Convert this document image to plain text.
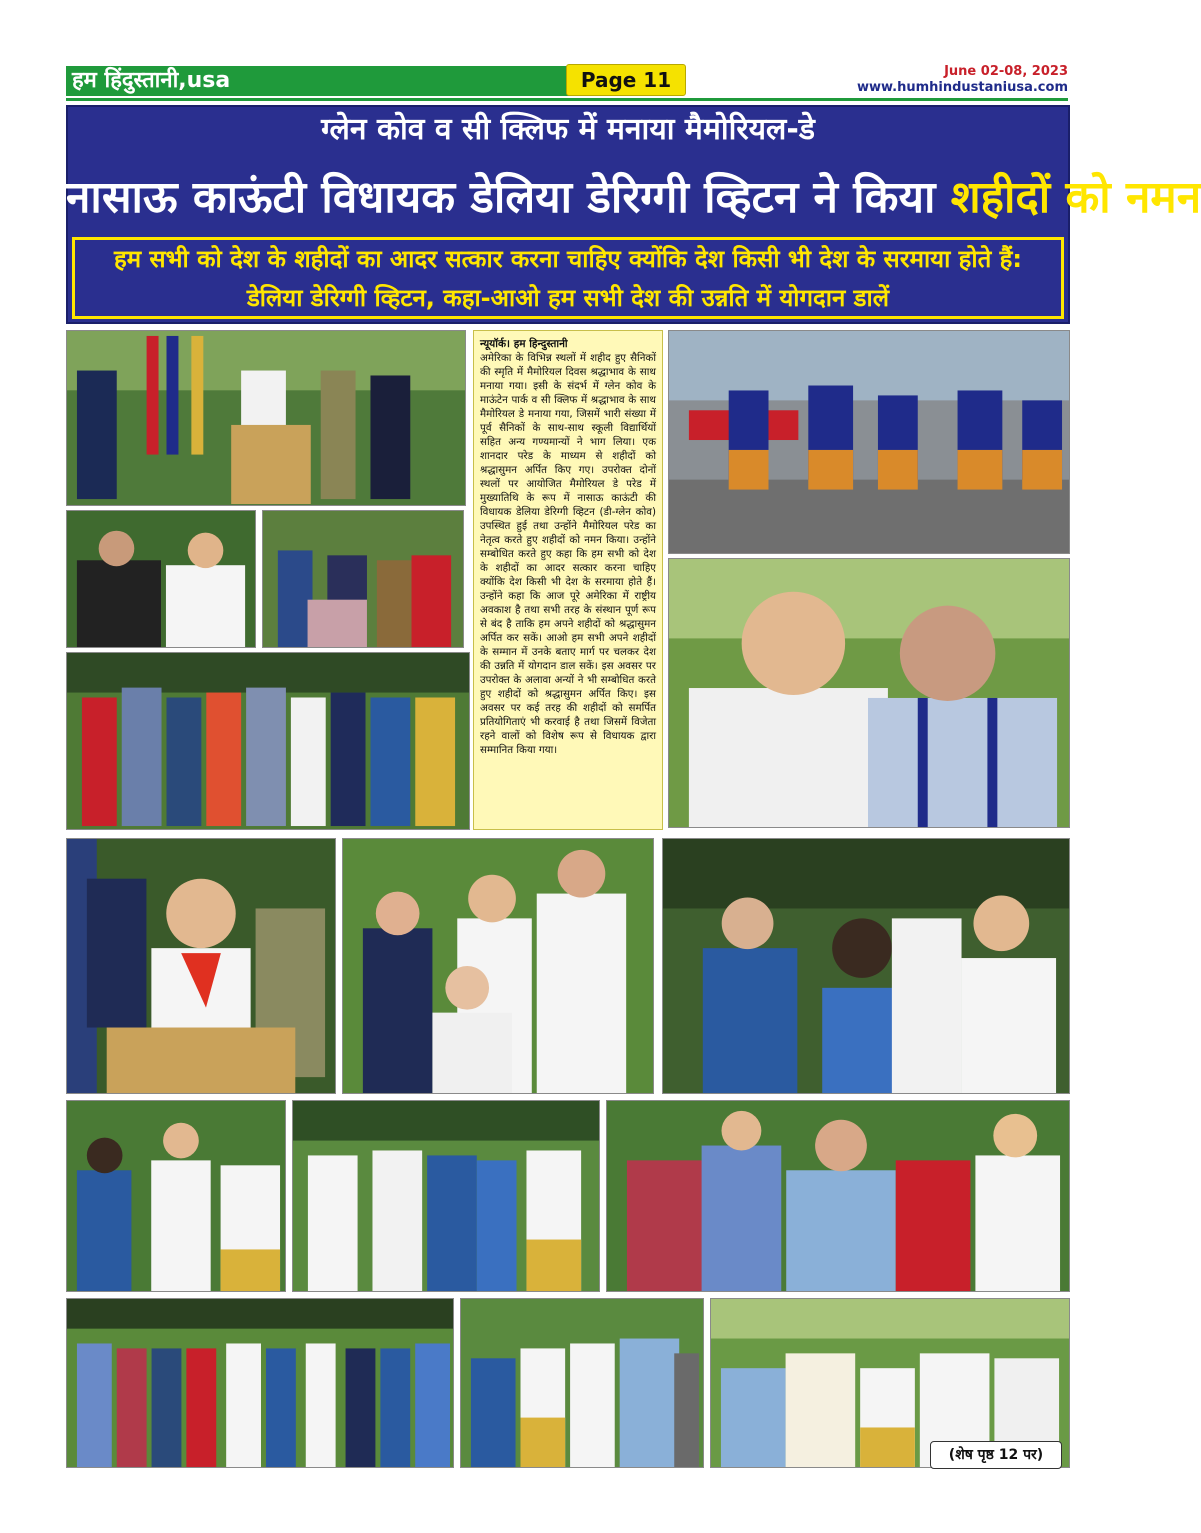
हम हिंदुस्तानी,usa	Page 11	June 02-08, 2023
www.humhindustaniusa.com
ग्लेन कोव व सी क्लिफ में मनाया मैमोरियल-डे
नासाऊ काऊंटी विधायक डेलिया डेरिग्गी व्हिटन ने किया शहीदों को नमन
हम सभी को देश के शहीदों का आदर सत्कार करना चाहिए क्योंकि देश किसी भी देश के सरमाया होते हैं:
डेलिया डेरिग्गी व्हिटन, कहा-आओ हम सभी देश की उन्नति में योगदान डालें
न्यूयॉर्क। हम हिन्दुस्तानी

अमेरिका के विभिन्न स्थलों में शहीद हुए सैनिकों की स्मृति में मैमोरियल दिवस श्रद्धाभाव के साथ मनाया गया। इसी के संदर्भ में ग्लेन कोव के माऊंटेन पार्क व सी क्लिफ में श्रद्धाभाव के साथ मैमोरियल डे मनाया गया, जिसमें भारी संख्या में पूर्व सैनिकों के साथ-साथ स्कूली विद्यार्थियों सहित अन्य गण्यमान्यों ने भाग लिया। एक शानदार परेड के माध्यम से शहीदों को श्रद्धासुमन अर्पित किए गए। उपरोक्त दोनों स्थलों पर आयोजित मैमोरियल डे परेड में मुख्यातिथि के रूप में नासाऊ काऊंटी की विधायक डेलिया डेरिग्गी व्हिटन (डी-ग्लेन कोव) उपस्थित हुई तथा उन्होंने मैमोरियल परेड का नेतृत्व करते हुए शहीदों को नमन किया। उन्होंने सम्बोधित करते हुए कहा कि हम सभी को देश के शहीदों का आदर सत्कार करना चाहिए क्योंकि देश किसी भी देश के सरमाया होते हैं। उन्होंने कहा कि आज पूरे अमेरिका में राष्ट्रीय अवकाश है तथा सभी तरह के संस्थान पूर्ण रूप से बंद है ताकि हम अपने शहीदों को श्रद्धासुमन अर्पित कर सकें। आओ हम सभी अपने शहीदों के सम्मान में उनके बताए मार्ग पर चलकर देश की उन्नति में योगदान डाल सकें। इस अवसर पर उपरोक्त के अलावा अन्यों ने भी सम्बोधित करते हुए शहीदों को श्रद्धासुमन अर्पित किए। इस अवसर पर कई तरह की शहीदों को समर्पित प्रतियोगिताएं भी करवाई है तथा जिसमें विजेता रहने वालों को विशेष रूप से विधायक द्वारा सम्मानित किया गया।

(शेष पृष्ठ 12 पर)
